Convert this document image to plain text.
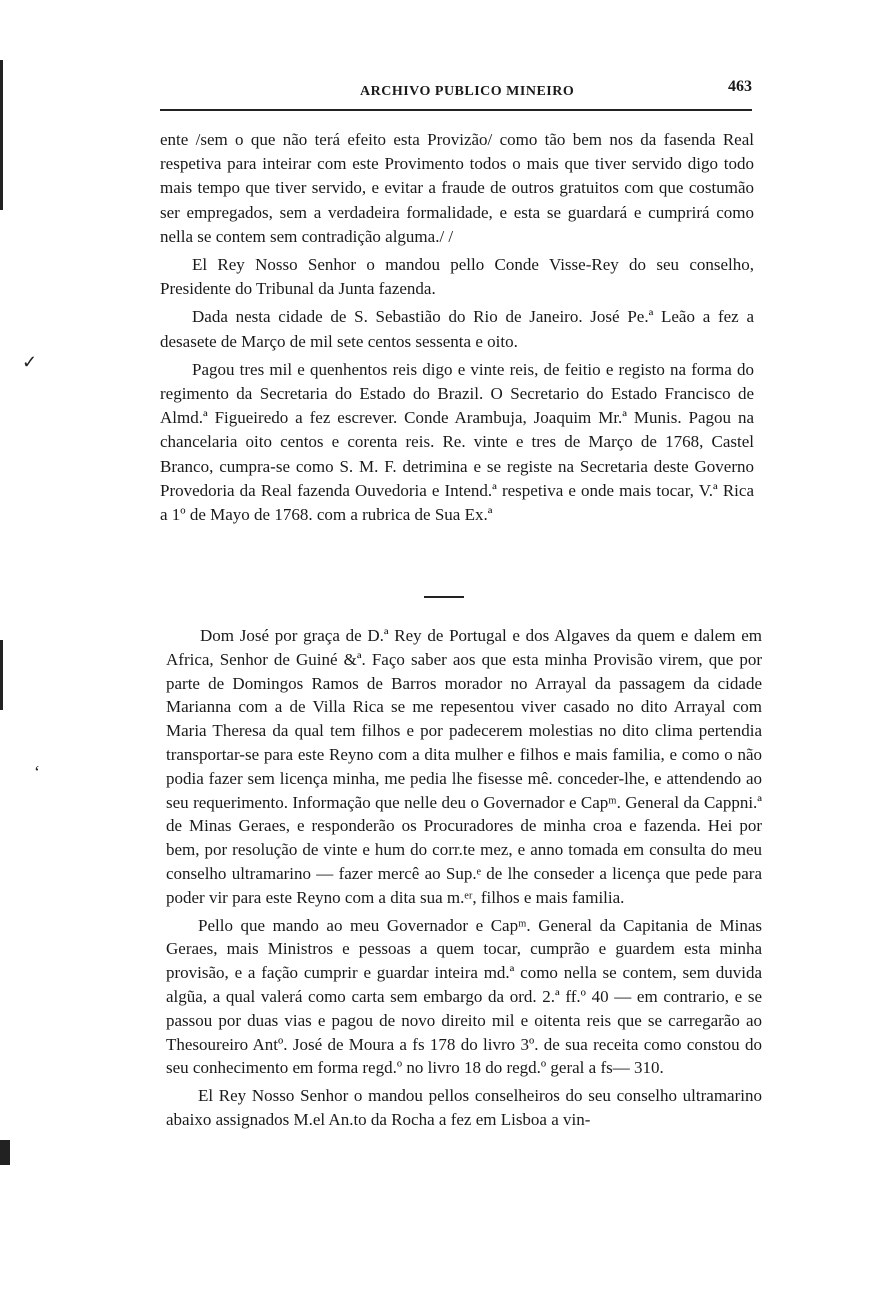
✓
ʻ
ARCHIVO PUBLICO MINEIRO	463

ente /sem o que não terá efeito esta Provizão/ como tão bem nos da fasenda Real respetiva para inteirar com este Provimento todos o mais que tiver servido digo todo mais tempo que tiver servido, e evitar a fraude de outros gratuitos com que costumão ser empregados, sem a verdadeira formalidade, e esta se guardará e cumprirá como nella se contem sem contradição alguma./ /

El Rey Nosso Senhor o mandou pello Conde Visse-Rey do seu conselho, Presidente do Tribunal da Junta fazenda.

Dada nesta cidade de S. Sebastião do Rio de Janeiro. José Pe.ª Leão a fez a desasete de Março de mil sete centos sessenta e oito.

Pagou tres mil e quenhentos reis digo e vinte reis, de feitio e registo na forma do regimento da Secretaria do Estado do Brazil. O Secretario do Estado Francisco de Almd.ª Figueiredo a fez escrever. Conde Arambuja, Joaquim Mr.ª Munis. Pagou na chancelaria oito centos e corenta reis. Re. vinte e tres de Março de 1768, Castel Branco, cumpra-se como S. M. F. detrimina e se registe na Secretaria deste Governo Provedoria da Real fazenda Ouvedoria e Intend.ª respetiva e onde mais tocar, V.ª Rica a 1º de Mayo de 1768. com a rubrica de Sua Ex.ª

Dom José por graça de D.ª Rey de Portugal e dos Algaves da quem e dalem em Africa, Senhor de Guiné &ª. Faço saber aos que esta minha Provisão virem, que por parte de Domingos Ramos de Barros morador no Arrayal da passagem da cidade Marianna com a de Villa Rica se me repesentou viver casado no dito Arrayal com Maria Theresa da qual tem filhos e por padecerem molestias no dito clima pertendia transportar-se para este Reyno com a dita mulher e filhos e mais familia, e como o não podia fazer sem licença minha, me pedia lhe fisesse mê. conceder-lhe, e attendendo ao seu requerimento. Informação que nelle deu o Governador e Capᵐ. General da Cappni.ª de Minas Geraes, e responderão os Procuradores de minha croa e fazenda. Hei por bem, por resolução de vinte e hum do corr.te mez, e anno tomada em consulta do meu conselho ultramarino — fazer mercê ao Sup.ᵉ de lhe conseder a licença que pede para poder vir para este Reyno com a dita sua m.ᵉʳ, filhos e mais familia.

Pello que mando ao meu Governador e Capᵐ. General da Capitania de Minas Geraes, mais Ministros e pessoas a quem tocar, cumprão e guardem esta minha provisão, e a fação cumprir e guardar inteira md.ª como nella se contem, sem duvida algũa, a qual valerá como carta sem embargo da ord. 2.ª ff.º 40 — em contrario, e se passou por duas vias e pagou de novo direito mil e oitenta reis que se carregarão ao Thesoureiro Antº. José de Moura a fs 178 do livro 3º. de sua receita como constou do seu conhecimento em forma regd.º no livro 18 do regd.º geral a fs— 310.

El Rey Nosso Senhor o mandou pellos conselheiros do seu conselho ultramarino abaixo assignados M.el An.to da Rocha a fez em Lisboa a vin-
